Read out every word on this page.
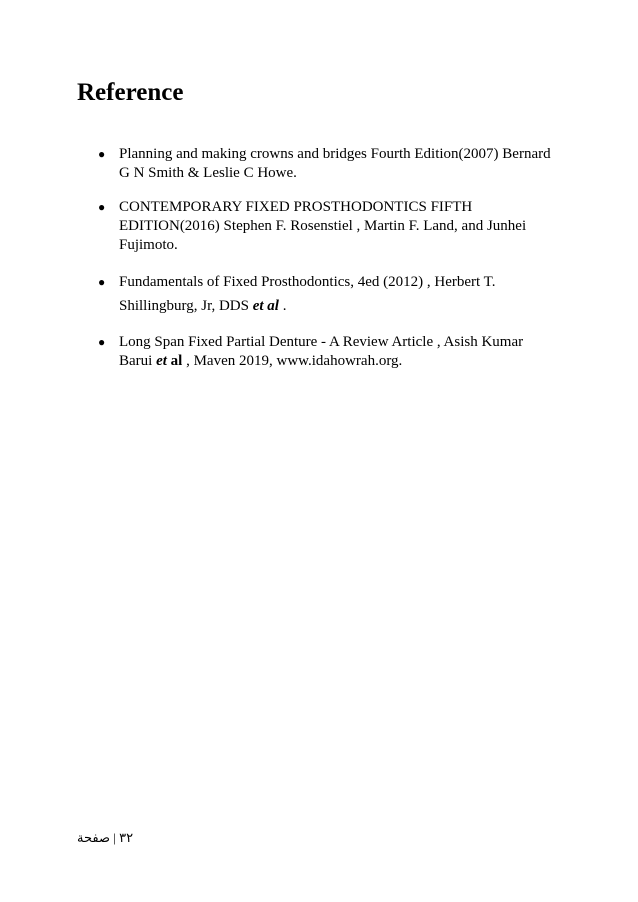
Reference
● Planning and making crowns and bridges Fourth Edition(2007) Bernard G N Smith & Leslie C Howe.
● CONTEMPORARY FIXED PROSTHODONTICS FIFTH EDITION(2016) Stephen F. Rosenstiel , Martin F. Land, and Junhei Fujimoto.
● Fundamentals of Fixed Prosthodontics, 4ed (2012) , Herbert T. Shillingburg, Jr, DDS et al .
● Long Span Fixed Partial Denture - A Review Article , Asish Kumar Barui et al , Maven 2019, www.idahowrah.org.
٣٢ | صفحة
